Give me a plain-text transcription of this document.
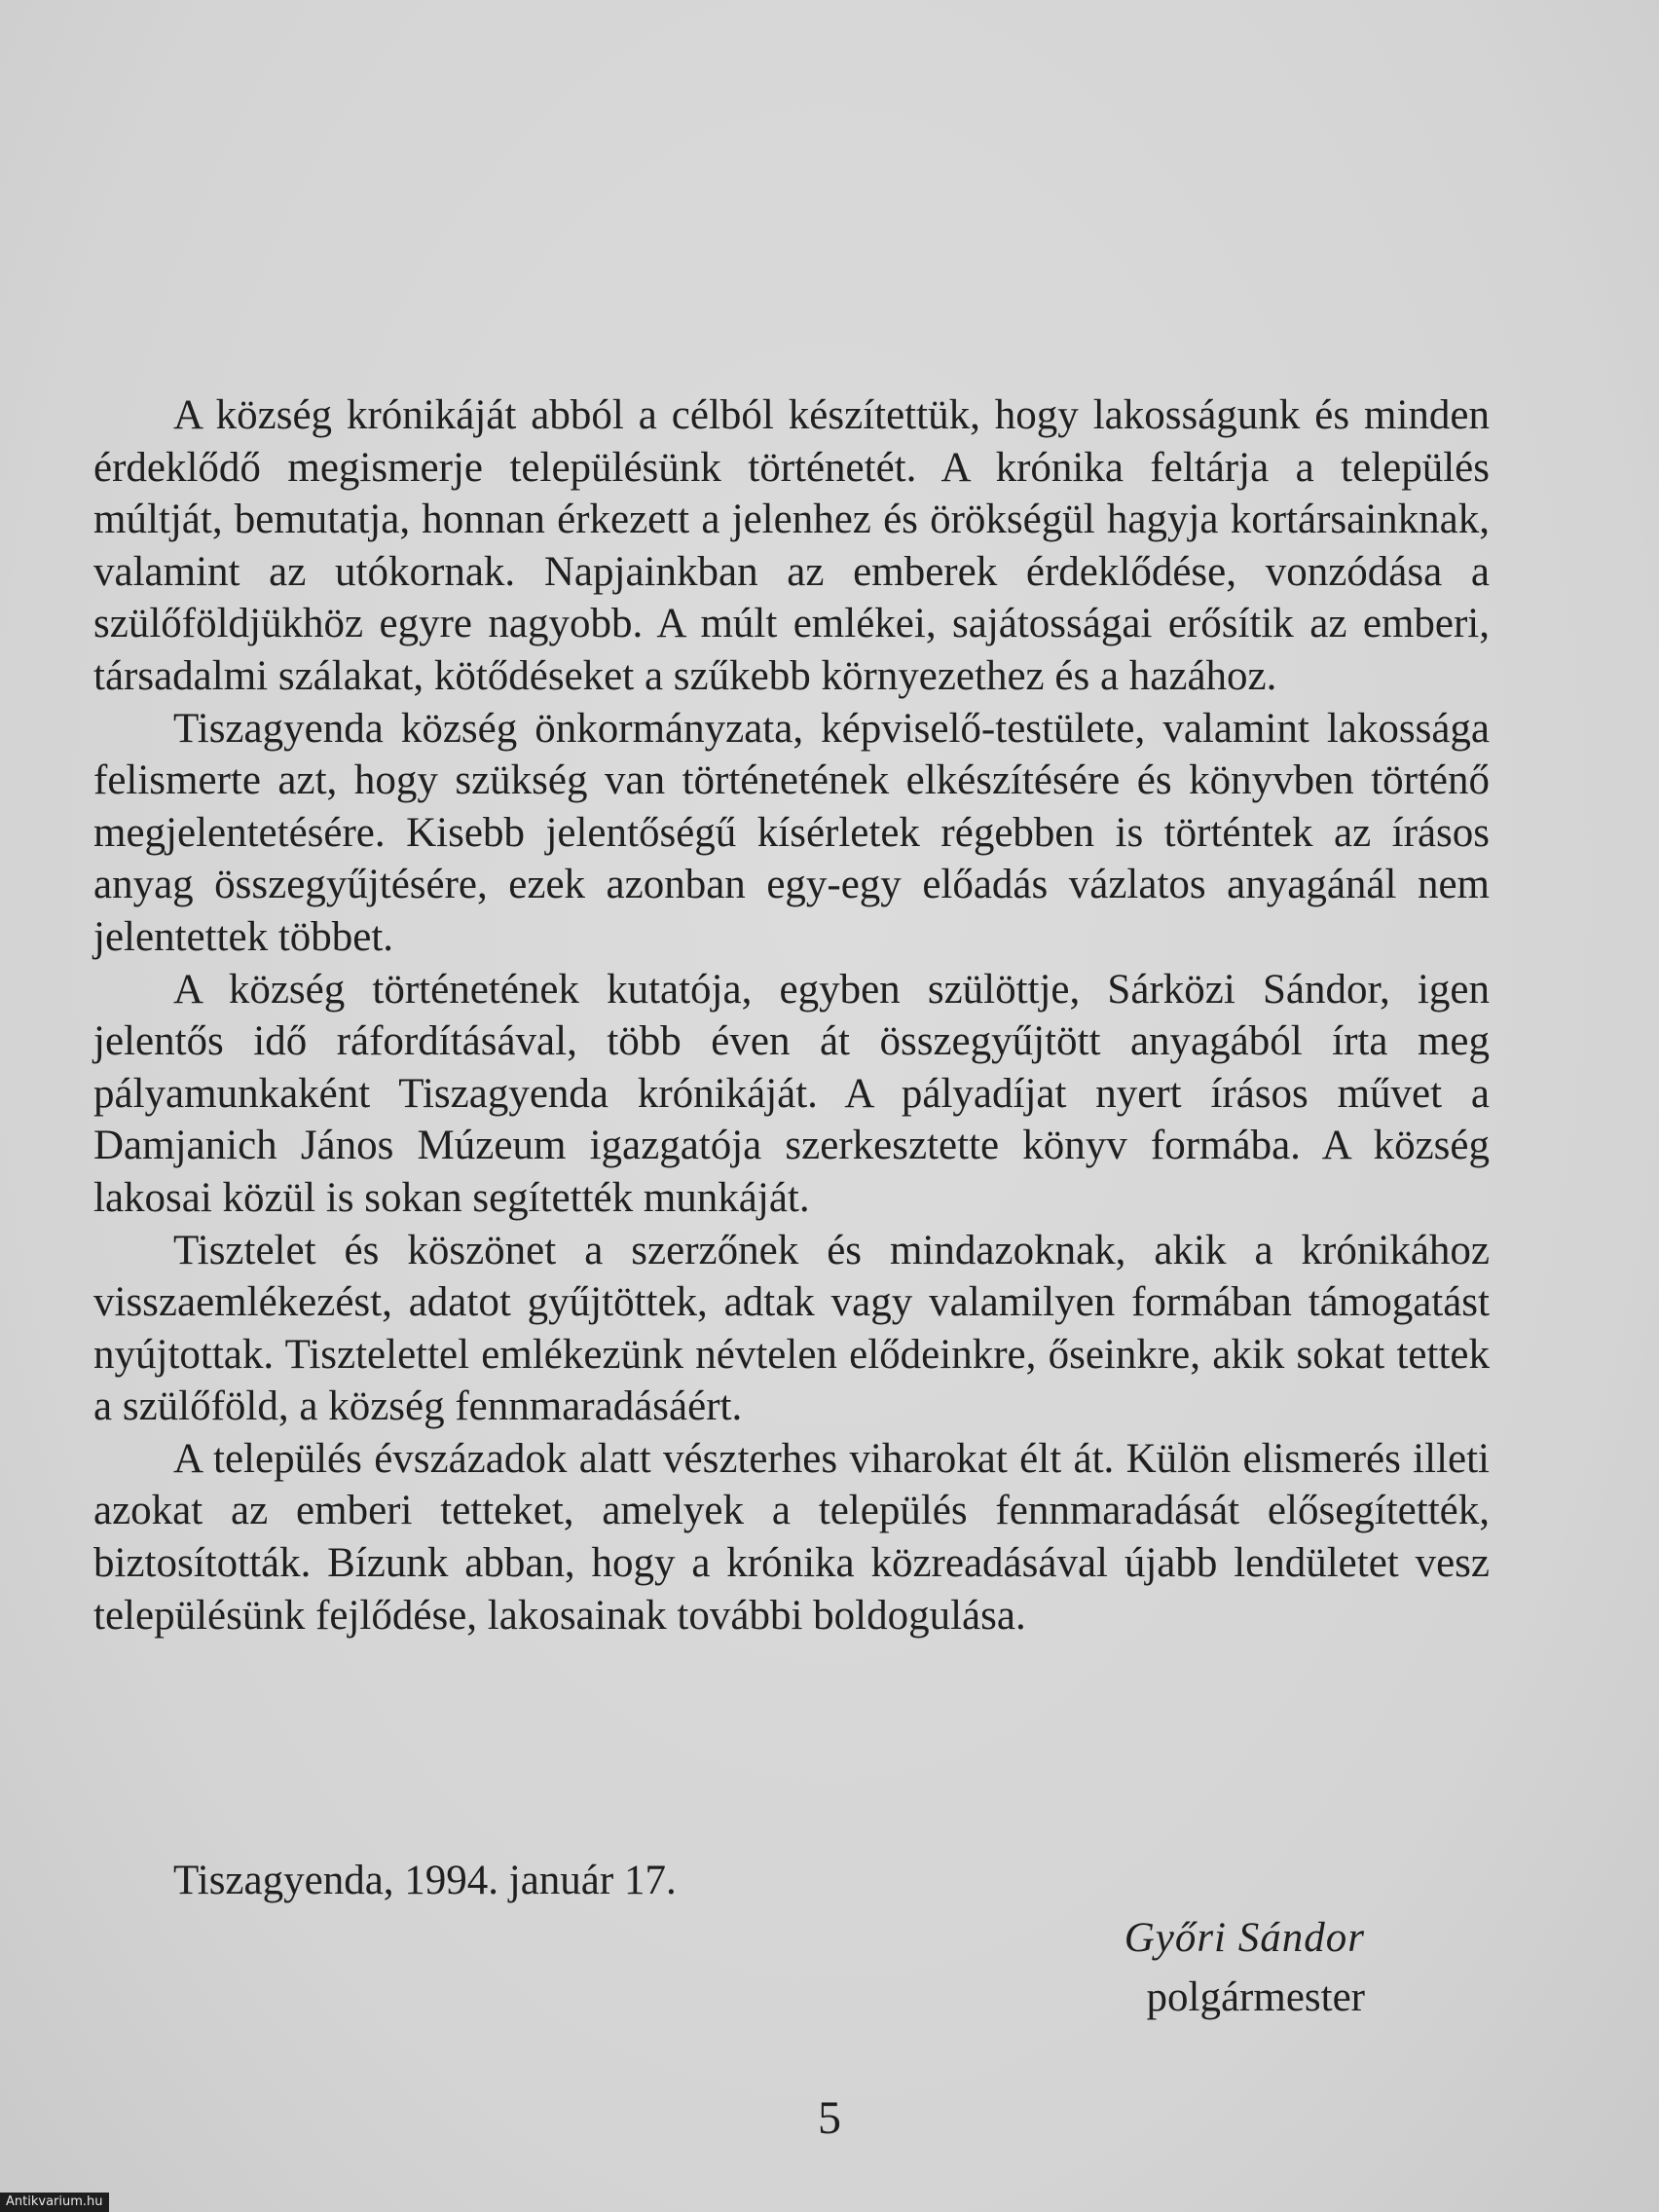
A község krónikáját abból a célból készítettük, hogy lakosságunk és minden érdeklődő megismerje településünk történetét. A krónika feltárja a település múltját, bemutatja, honnan érkezett a jelenhez és örökségül hagyja kortársainknak, valamint az utókornak. Napjainkban az emberek érdeklődése, vonzódása a szülőföldjükhöz egyre nagyobb. A múlt emlékei, sajátosságai erősítik az emberi, társadalmi szálakat, kötődéseket a szűkebb környezethez és a hazához.

Tiszagyenda község önkormányzata, képviselő-testülete, valamint lakossága felismerte azt, hogy szükség van történetének elkészítésére és könyvben történő megjelentetésére. Kisebb jelentőségű kísérletek régebben is történtek az írásos anyag összegyűjtésére, ezek azonban egy-egy előadás vázlatos anyagánál nem jelentettek többet.

A község történetének kutatója, egyben szülöttje, Sárközi Sándor, igen jelentős idő ráfordításával, több éven át összegyűjtött anyagából írta meg pályamunkaként Tiszagyenda krónikáját. A pályadíjat nyert írásos művet a Damjanich János Múzeum igazgatója szerkesztette könyv formába. A község lakosai közül is sokan segítették munkáját.

Tisztelet és köszönet a szerzőnek és mindazoknak, akik a krónikához visszaemlékezést, adatot gyűjtöttek, adtak vagy valamilyen formában támogatást nyújtottak. Tisztelettel emlékezünk névtelen elődeinkre, őseinkre, akik sokat tettek a szülőföld, a község fennmaradásáért.

A település évszázadok alatt vészterhes viharokat élt át. Külön elismerés illeti azokat az emberi tetteket, amelyek a település fennmaradását elősegítették, biztosították. Bízunk abban, hogy a krónika közreadásával újabb lendületet vesz településünk fejlődése, lakosainak további boldogulása.

Tiszagyenda, 1994. január 17.
Győri Sándor
polgármester
5
Antikvarium.hu
